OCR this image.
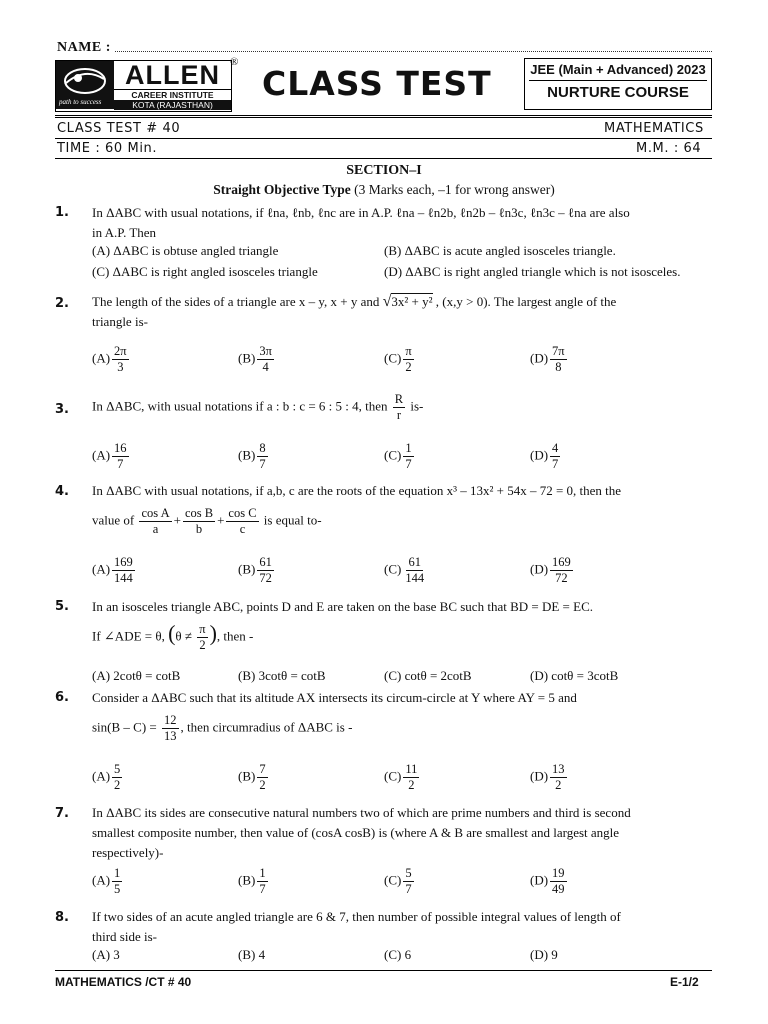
NAME :
path to success
ALLEN
CAREER INSTITUTE
KOTA (RAJASTHAN)
®
CLASS TEST	JEE (Main + Advanced) 2023
NURTURE COURSE
CLASS TEST # 40	MATHEMATICS
TIME : 60 Min.	M.M. : 64
SECTION–I
Straight Objective Type (3 Marks each, –1 for wrong answer)
1. In ΔABC with usual notations, if ℓna, ℓnb, ℓnc are in A.P. ℓna – ℓn2b, ℓn2b – ℓn3c, ℓn3c – ℓna are also
in A.P. Then
(A) ΔABC is obtuse angled triangle	(B) ΔABC is acute angled isosceles triangle.
(C) ΔABC is right angled isosceles triangle	(D) ΔABC is right angled triangle which is not isosceles.
2. The length of the sides of a triangle are x – y, x + y and √3x² + y² , (x,y > 0). The largest angle of the
triangle is-
$(A) \frac{2\pi}{3}$	$(B) \frac{3\pi}{4}$	$(C) \frac{\pi}{2}$	$(D) \frac{7\pi}{8}$
3. In ΔABC, with usual notations if a : b : c = 6 : 5 : 4, then $\frac{R}{r} is-$
$(A) \frac{16}{7}$	$(B) \frac{8}{7}$	$(C) \frac{1}{7}$	$(D) \frac{4}{7}$
4. In ΔABC with usual notations, if a,b, c are the roots of the equation x³ – 13x² + 54x – 72 = 0, then the
value of $\frac{\text{cos A}}{a} + \frac{\text{cos B}}{b} + \frac{\text{cos C}}{c}$ is equal to-
$(A) \frac{169}{144}$	$(B) \frac{61}{72}$	$(C) \frac{61}{144}$	$(D) \frac{169}{72}$
5. In an isosceles triangle ABC, points D and E are taken on the base BC such that BD = DE = EC.
If ∠ADE = θ, ($\theta \ne \frac{\pi}{2}$ ), then -
(A) 2cotθ = cotB	(B) 3cotθ = cotB	(C) cotθ = 2cotB	(D) cotθ = 3cotB
6. Consider a ΔABC such that its altitude AX intersects its circum-circle at Y where AY = 5 and
$\sin(B - C) = \frac{12}{13}$ , then circumradius of ΔABC is -
$(A) \frac{5}{2}$	$(B) \frac{7}{2}$	$(C) \frac{11}{2}$	$(D) \frac{13}{2}$
7. In ΔABC its sides are consecutive natural numbers two of which are prime numbers and third is second
smallest composite number, then value of (cosA cosB) is (where A & B are smallest and largest angle
respectively)-
$(A) \frac{1}{5}$	$(B) \frac{1}{7}$	$(C) \frac{5}{7}$	$(D) \frac{19}{49}$
8. If two sides of an acute angled triangle are 6 & 7, then number of possible integral values of length of
third side is-
(A) 3	(B) 4	(C) 6	(D) 9
MATHEMATICS /CT # 40	E-1/2
